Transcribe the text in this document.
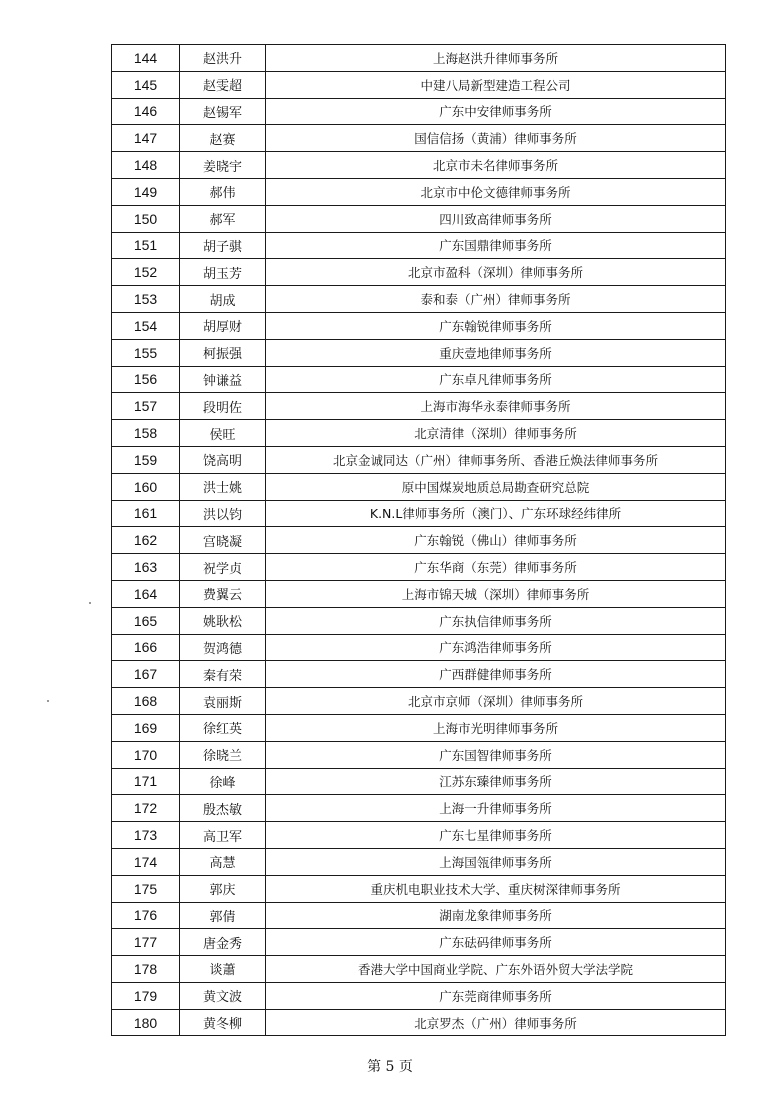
144	赵洪升	上海赵洪升律师事务所
145	赵雯超	中建八局新型建造工程公司
146	赵锡军	广东中安律师事务所
147	赵赛	国信信扬（黄浦）律师事务所
148	姜晓宇	北京市未名律师事务所
149	郝伟	北京市中伦文德律师事务所
150	郝军	四川致高律师事务所
151	胡子骐	广东国鼎律师事务所
152	胡玉芳	北京市盈科（深圳）律师事务所
153	胡成	泰和泰（广州）律师事务所
154	胡厚财	广东翰锐律师事务所
155	柯振强	重庆壹地律师事务所
156	钟谦益	广东卓凡律师事务所
157	段明佐	上海市海华永泰律师事务所
158	侯旺	北京清律（深圳）律师事务所
159	饶高明	北京金诚同达（广州）律师事务所、香港丘焕法律师事务所
160	洪士姚	原中国煤炭地质总局勘查研究总院
161	洪以钧	K.N.L律师事务所（澳门）、广东环球经纬律所
162	宫晓凝	广东翰锐（佛山）律师事务所
163	祝学贞	广东华商（东莞）律师事务所
164	费翼云	上海市锦天城（深圳）律师事务所
165	姚耿松	广东执信律师事务所
166	贺鸿德	广东鸿浩律师事务所
167	秦有荣	广西群健律师事务所
168	袁丽斯	北京市京师（深圳）律师事务所
169	徐红英	上海市光明律师事务所
170	徐晓兰	广东国智律师事务所
171	徐峰	江苏东臻律师事务所
172	殷杰敏	上海一升律师事务所
173	高卫军	广东七星律师事务所
174	高慧	上海国瓴律师事务所
175	郭庆	重庆机电职业技术大学、重庆树深律师事务所
176	郭倩	湖南龙象律师事务所
177	唐金秀	广东砝码律师事务所
178	谈蕭	香港大学中国商业学院、广东外语外贸大学法学院
179	黄文波	广东莞商律师事务所
180	黄冬柳	北京罗杰（广州）律师事务所
第 5 页
